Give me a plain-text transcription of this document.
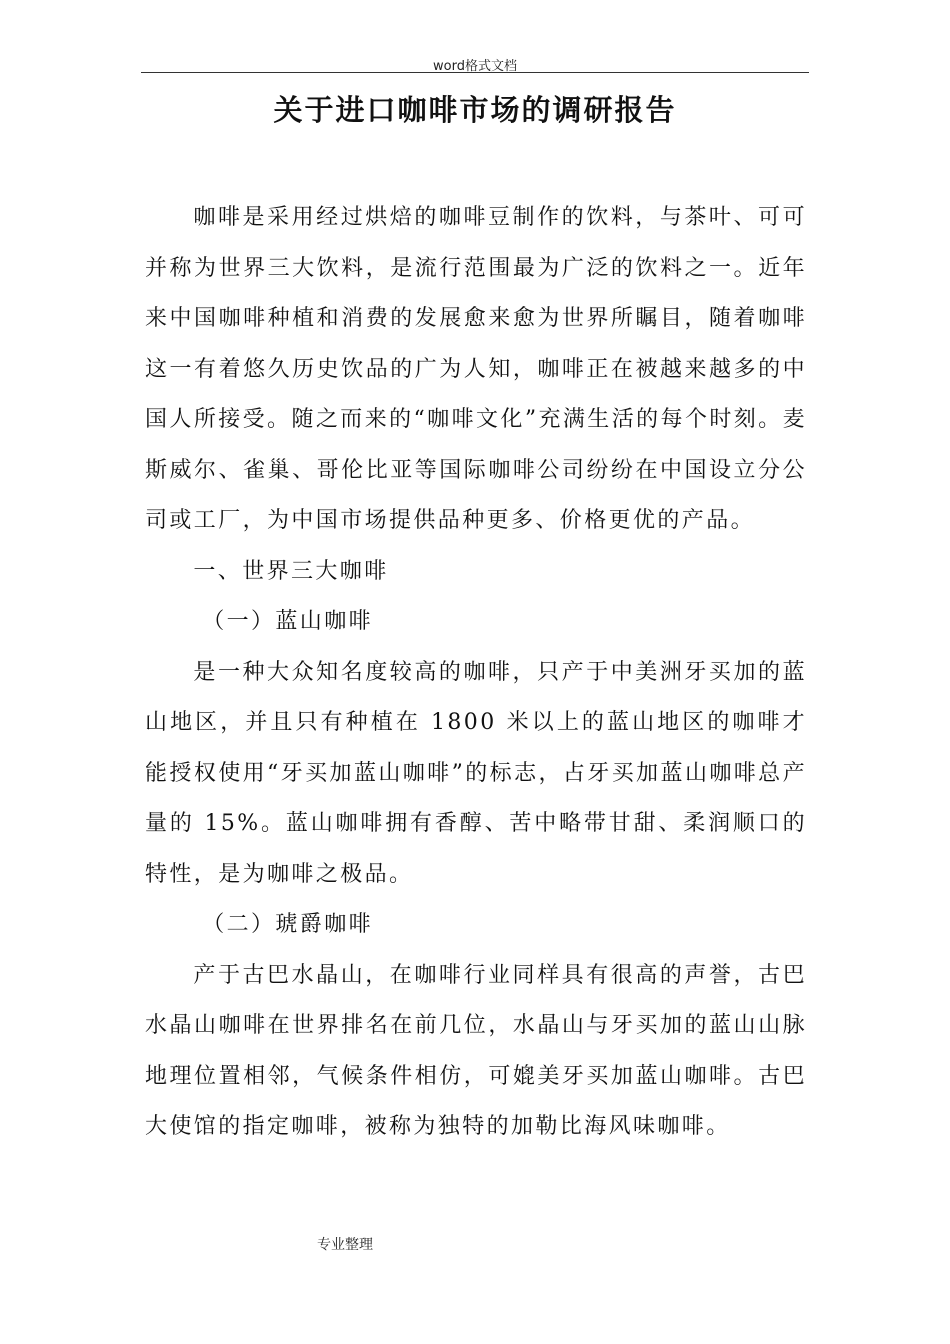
word格式文档
关于进口咖啡市场的调研报告

咖啡是采用经过烘焙的咖啡豆制作的饮料，与茶叶、可可并称为世界三大饮料，是流行范围最为广泛的饮料之一。近年来中国咖啡种植和消费的发展愈来愈为世界所瞩目，随着咖啡这一有着悠久历史饮品的广为人知，咖啡正在被越来越多的中国人所接受。随之而来的“咖啡文化”充满生活的每个时刻。麦斯威尔、雀巢、哥伦比亚等国际咖啡公司纷纷在中国设立分公司或工厂，为中国市场提供品种更多、价格更优的产品。

一、世界三大咖啡

（一）蓝山咖啡

是一种大众知名度较高的咖啡，只产于中美洲牙买加的蓝山地区，并且只有种植在 1800 米以上的蓝山地区的咖啡才能授权使用“牙买加蓝山咖啡”的标志，占牙买加蓝山咖啡总产量的 15%。蓝山咖啡拥有香醇、苦中略带甘甜、柔润顺口的特性，是为咖啡之极品。

（二）琥爵咖啡

产于古巴水晶山，在咖啡行业同样具有很高的声誉，古巴水晶山咖啡在世界排名在前几位，水晶山与牙买加的蓝山山脉地理位置相邻，气候条件相仿，可媲美牙买加蓝山咖啡。古巴大使馆的指定咖啡，被称为独特的加勒比海风味咖啡。

专业整理
